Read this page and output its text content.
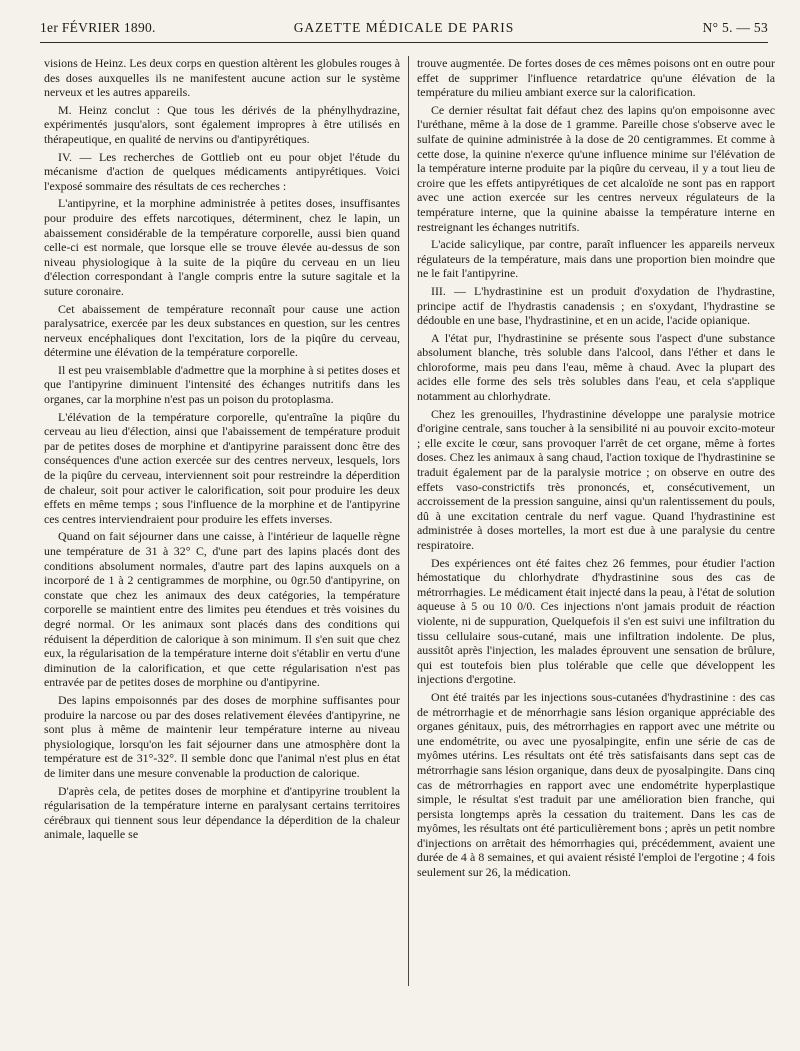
1er FÉVRIER 1890.	GAZETTE MÉDICALE DE PARIS	N° 5. — 53

visions de Heinz. Les deux corps en question altèrent les globules rouges à des doses auxquelles ils ne manifestent aucune action sur le système nerveux et les autres appareils.

M. Heinz conclut : Que tous les dérivés de la phénylhydrazine, expérimentés jusqu'alors, sont également impropres à être utilisés en thérapeutique, en qualité de nervins ou d'antipyrétiques.

IV. — Les recherches de Gottlieb ont eu pour objet l'étude du mécanisme d'action de quelques médicaments antipyrétiques. Voici l'exposé sommaire des résultats de ces recherches :

L'antipyrine, et la morphine administrée à petites doses, insuffisantes pour produire des effets narcotiques, déterminent, chez le lapin, un abaissement considérable de la température corporelle, aussi bien quand celle-ci est normale, que lorsque elle se trouve élevée au-dessus de son niveau physiologique à la suite de la piqûre du cerveau en un lieu d'élection correspondant à l'angle compris entre la suture sagitale et la suture coronaire.

Cet abaissement de température reconnaît pour cause une action paralysatrice, exercée par les deux substances en question, sur les centres nerveux encéphaliques dont l'excitation, lors de la piqûre du cerveau, détermine une élévation de la température corporelle.

Il est peu vraisemblable d'admettre que la morphine à si petites doses et que l'antipyrine diminuent l'intensité des échanges nutritifs dans les organes, car la morphine n'est pas un poison du protoplasma.

L'élévation de la température corporelle, qu'entraîne la piqûre du cerveau au lieu d'élection, ainsi que l'abaissement de température produit par de petites doses de morphine et d'antipyrine paraissent donc être des conséquences d'une action exercée sur des centres nerveux, lesquels, lors de la piqûre du cerveau, interviennent soit pour restreindre la déperdition de chaleur, soit pour activer le calorification, soit pour produire les deux effets en même temps ; sous l'influence de la morphine et de l'antipyrine ces centres interviendraient pour produire les effets inverses.

Quand on fait séjourner dans une caisse, à l'intérieur de laquelle règne une température de 31 à 32° C, d'une part des lapins placés dont des conditions absolument normales, d'autre part des lapins auxquels on a incorporé de 1 à 2 centigrammes de morphine, ou 0gr.50 d'antipyrine, on constate que chez les animaux des deux catégories, la température corporelle se maintient entre des limites peu étendues et très voisines du degré normal. Or les animaux sont placés dans des conditions qui réduisent la déperdition de calorique à son minimum. Il s'en suit que chez eux, la régularisation de la température interne doit s'établir en vertu d'une diminution de la calorification, et que cette régularisation n'est pas entravée par de petites doses de morphine ou d'antipyrine.

Des lapins empoisonnés par des doses de morphine suffisantes pour produire la narcose ou par des doses relativement élevées d'antipyrine, ne sont plus à même de maintenir leur température interne au niveau physiologique, lorsqu'on les fait séjourner dans une atmosphère dont la température est de 31°-32°. Il semble donc que l'animal n'est plus en état de limiter dans une mesure convenable la production de calorique.

D'après cela, de petites doses de morphine et d'antipyrine troublent la régularisation de la température interne en paralysant certains territoires cérébraux qui tiennent sous leur dépendance la déperdition de la chaleur animale, laquelle se

trouve augmentée. De fortes doses de ces mêmes poisons ont en outre pour effet de supprimer l'influence retardatrice qu'une élévation de la température du milieu ambiant exerce sur la calorification.

Ce dernier résultat fait défaut chez des lapins qu'on empoisonne avec l'uréthane, même à la dose de 1 gramme. Pareille chose s'observe avec le sulfate de quinine administrée à la dose de 20 centigrammes. Et comme à cette dose, la quinine n'exerce qu'une influence minime sur l'élévation de la température interne produite par la piqûre du cerveau, il y a tout lieu de croire que les effets antipyrétiques de cet alcaloïde ne sont pas en rapport avec une action exercée sur les centres nerveux régulateurs de la température interne, que la quinine abaisse la température interne en restreignant les échanges nutritifs.

L'acide salicylique, par contre, paraît influencer les appareils nerveux régulateurs de la température, mais dans une proportion bien moindre que ne le fait l'antipyrine.

III. — L'hydrastinine est un produit d'oxydation de l'hydrastine, principe actif de l'hydrastis canadensis ; en s'oxydant, l'hydrastine se dédouble en une base, l'hydrastinine, et en un acide, l'acide opianique.

A l'état pur, l'hydrastinine se présente sous l'aspect d'une substance absolument blanche, très soluble dans l'alcool, dans l'éther et dans le chloroforme, mais peu dans l'eau, même à chaud. Avec la plupart des acides elle forme des sels très solubles dans l'eau, et cela s'applique notamment au chlorhydrate.

Chez les grenouilles, l'hydrastinine développe une paralysie motrice d'origine centrale, sans toucher à la sensibilité ni au pouvoir excito-moteur ; elle excite le cœur, sans provoquer l'arrêt de cet organe, même à fortes doses. Chez les animaux à sang chaud, l'action toxique de l'hydrastinine se traduit également par de la paralysie motrice ; on observe en outre des effets vaso-constrictifs très prononcés, et, consécutivement, un accroissement de la pression sanguine, ainsi qu'un ralentissement du pouls, dû à une excitation centrale du nerf vague. Quand l'hydrastinine est administrée à doses mortelles, la mort est due à une paralysie du centre respiratoire.

Des expériences ont été faites chez 26 femmes, pour étudier l'action hémostatique du chlorhydrate d'hydrastinine sous des cas de métrorrhagies. Le médicament était injecté dans la peau, à l'état de solution aqueuse à 5 ou 10 0/0. Ces injections n'ont jamais produit de réaction violente, ni de suppuration, Quelquefois il s'en est suivi une infiltration du tissu cellulaire sous-cutané, mais une infiltration indolente. De plus, aussitôt après l'injection, les malades éprouvent une sensation de brûlure, qui est toutefois bien plus tolérable que celle que développent les injections d'ergotine.

Ont été traités par les injections sous-cutanées d'hydrastinine : des cas de métrorrhagie et de ménorrhagie sans lésion organique appréciable des organes génitaux, puis, des métrorrhagies en rapport avec une métrite ou une endométrite, ou avec une pyosalpingite, enfin une série de cas de myômes utérins. Les résultats ont été très satisfaisants dans sept cas de métrorrhagie sans lésion organique, dans deux de pyosalpingite. Dans cinq cas de métrorrhagies en rapport avec une endométrite hyperplastique simple, le résultat s'est traduit par une amélioration bien franche, qui persista longtemps après la cessation du traitement. Dans les cas de myômes, les résultats ont été particulièrement bons ; après un petit nombre d'injections on arrêtait des hémorrhagies qui, précédemment, avaient une durée de 4 à 8 semaines, et qui avaient résisté l'emploi de l'ergotine ; 4 fois seulement sur 26, la médication.
